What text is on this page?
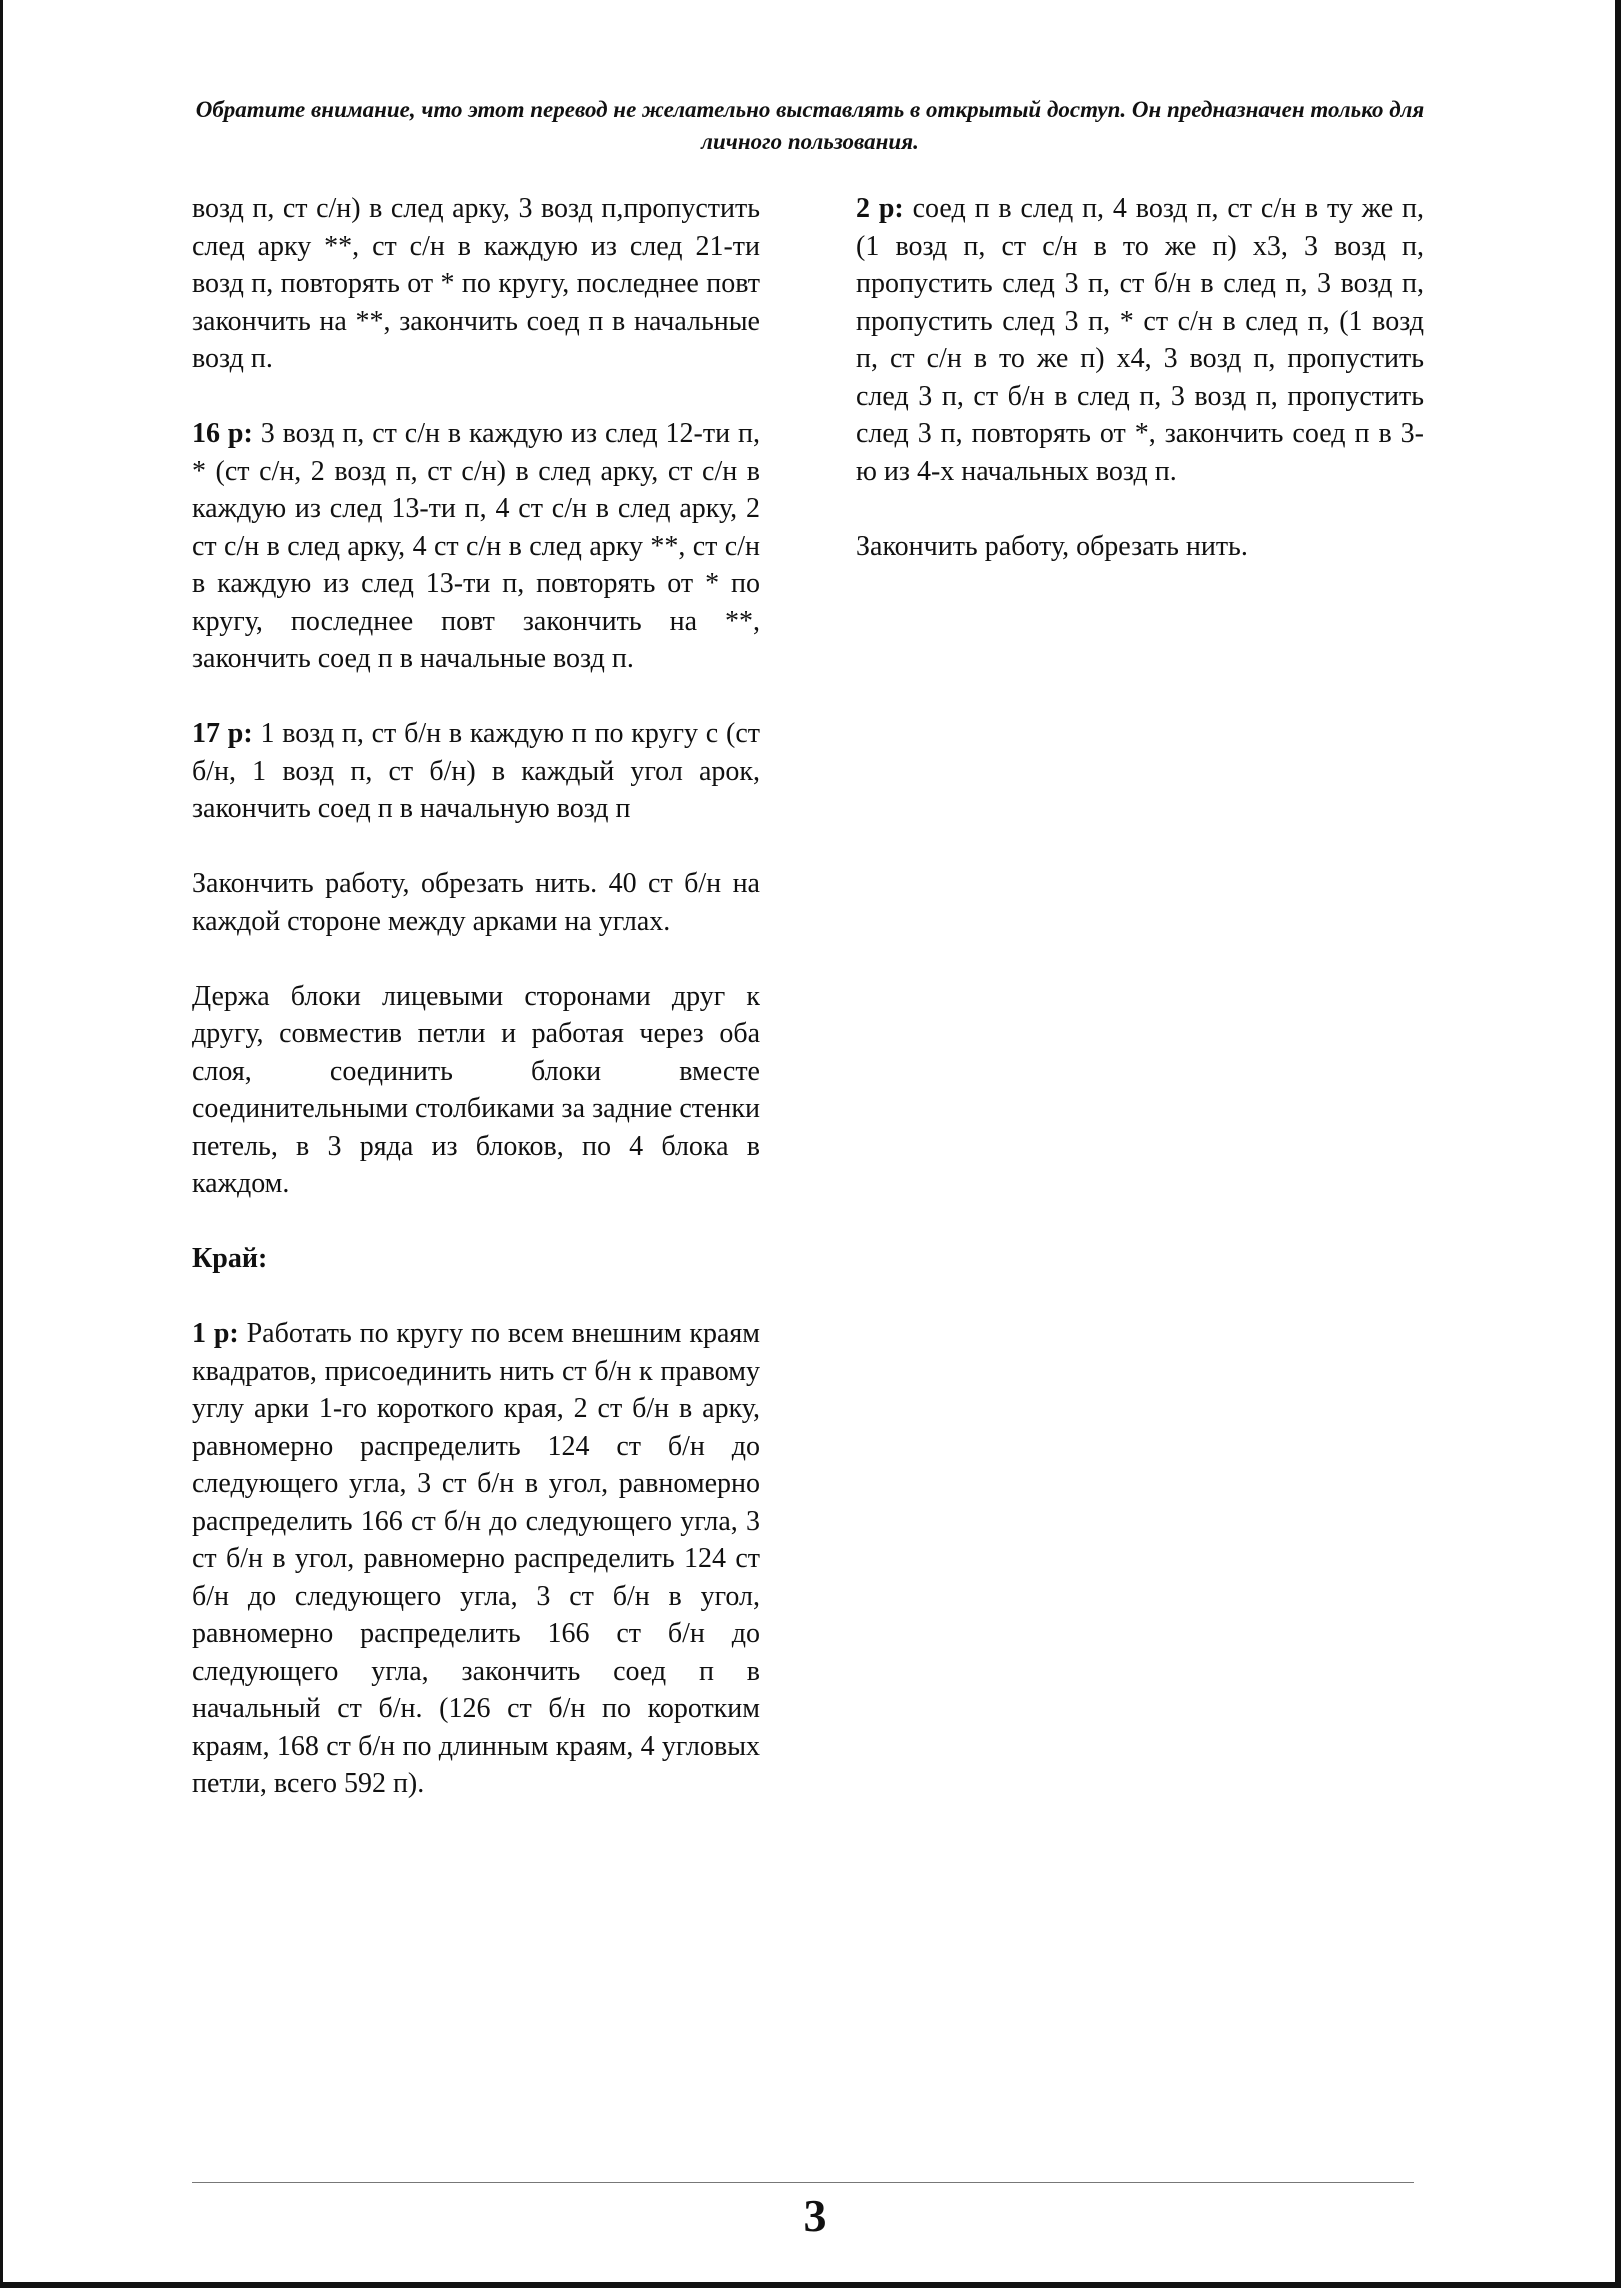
Обратите внимание, что этот перевод не желательно выставлять в открытый доступ. Он предназначен только для личного пользования.

возд п, ст с/н) в след арку, 3 возд п,пропустить след арку **, ст с/н в каждую из след 21-ти возд п, повторять от * по кругу, последнее повт закончить на **, закончить соед п в начальные возд п.

16 р: 3 возд п, ст с/н в каждую из след 12-ти п, * (ст с/н, 2 возд п, ст с/н) в след арку, ст с/н в каждую из след 13-ти п, 4 ст с/н в след арку, 2 ст с/н в след арку, 4 ст с/н в след арку **, ст с/н в каждую из след 13-ти п, повторять от * по кругу, последнее повт закончить на **, закончить соед п в начальные возд п.

17 р: 1 возд п, ст б/н в каждую п по кругу с (ст б/н, 1 возд п, ст б/н) в каждый угол арок, закончить соед п в начальную возд п

Закончить работу, обрезать нить. 40 ст б/н на каждой стороне между арками на углах.

Держа блоки лицевыми сторонами друг к другу, совместив петли и работая через оба слоя, соединить блоки вместе соединительными столбиками за задние стенки петель, в 3 ряда из блоков, по 4 блока в каждом.

Край:

1 р: Работать по кругу по всем внешним краям квадратов, присоединить нить ст б/н к правому углу арки 1-го короткого края, 2 ст б/н в арку, равномерно распределить 124 ст б/н до следующего угла, 3 ст б/н в угол, равномерно распределить 166 ст б/н до следующего угла, 3 ст б/н в угол, равномерно распределить 124 ст б/н до следующего угла, 3 ст б/н в угол, равномерно распределить 166 ст б/н до следующего угла, закончить соед п в начальный ст б/н. (126 ст б/н по коротким краям, 168 ст б/н по длинным краям, 4 угловых петли, всего 592 п).

2 р: соед п в след п, 4 возд п, ст с/н в ту же п, (1 возд п, ст с/н в то же п) х3, 3 возд п, пропустить след 3 п, ст б/н в след п, 3 возд п, пропустить след 3 п, * ст с/н в след п, (1 возд п, ст с/н в то же п) х4, 3 возд п, пропустить след 3 п, ст б/н в след п, 3 возд п, пропустить след 3 п, повторять от *, закончить соед п в 3-ю из 4-х начальных возд п.

Закончить работу, обрезать нить.

3
